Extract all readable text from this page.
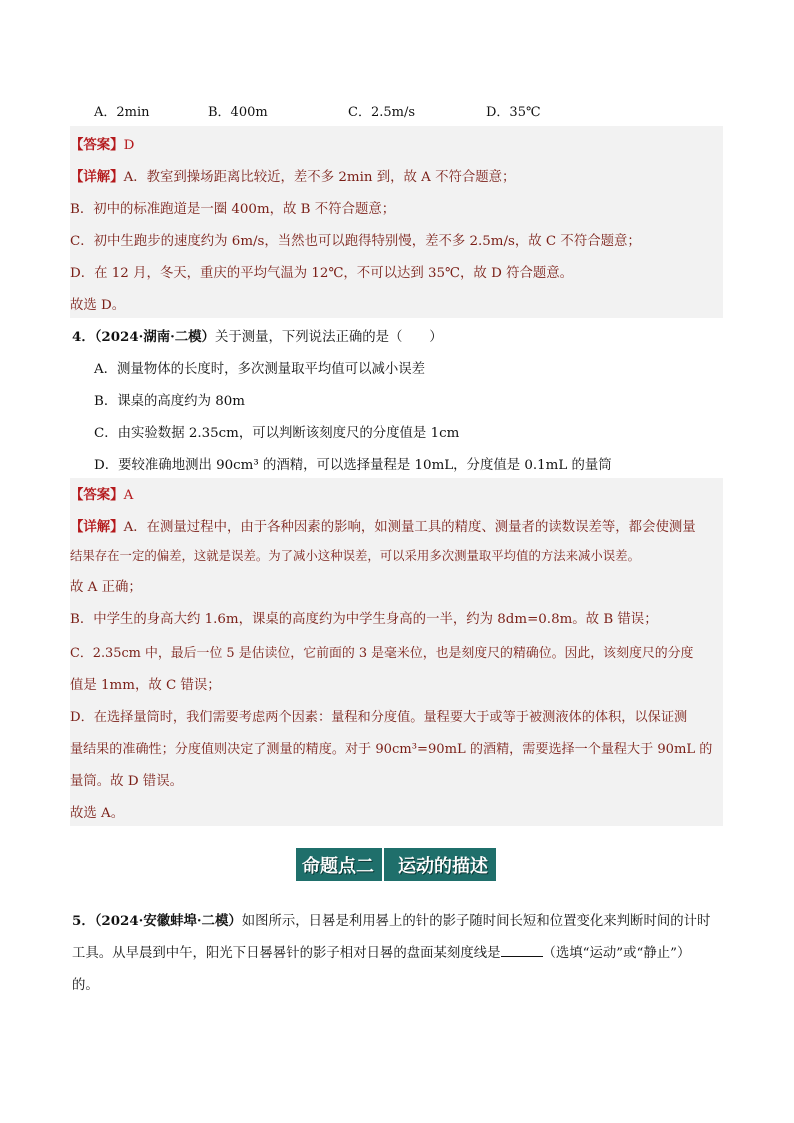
A．2min	B．400m	C．2.5m/s	D．35℃
【答案】D
【详解】A．教室到操场距离比较近，差不多 2min 到，故 A 不符合题意；
B．初中的标准跑道是一圈 400m，故 B 不符合题意；
C．初中生跑步的速度约为 6m/s，当然也可以跑得特别慢，差不多 2.5m/s，故 C 不符合题意；
D．在 12 月，冬天，重庆的平均气温为 12℃，不可以达到 35℃，故 D 符合题意。
故选 D。
4．（2024·湖南·二模）关于测量，下列说法正确的是（　　）
A．测量物体的长度时，多次测量取平均值可以减小误差
B．课桌的高度约为 80m
C．由实验数据 2.35cm，可以判断该刻度尺的分度值是 1cm
D．要较准确地测出 90cm³ 的酒精，可以选择量程是 10mL，分度值是 0.1mL 的量筒
【答案】A
【详解】A．在测量过程中，由于各种因素的影响，如测量工具的精度、测量者的读数误差等，都会使测量
结果存在一定的偏差，这就是误差。为了减小这种误差，可以采用多次测量取平均值的方法来减小误差。
故 A 正确；
B．中学生的身高大约 1.6m，课桌的高度约为中学生身高的一半，约为 8dm=0.8m。故 B 错误；
C．2.35cm 中，最后一位 5 是估读位，它前面的 3 是毫米位，也是刻度尺的精确位。因此，该刻度尺的分度
值是 1mm，故 C 错误；
D．在选择量筒时，我们需要考虑两个因素：量程和分度值。量程要大于或等于被测液体的体积，以保证测
量结果的准确性；分度值则决定了测量的精度。对于 90cm³=90mL 的酒精，需要选择一个量程大于 90mL 的
量筒。故 D 错误。
故选 A。
命题点二	运动的描述
5．（2024·安徽蚌埠·二模）如图所示，日晷是利用晷上的针的影子随时间长短和位置变化来判断时间的计时
工具。从早晨到中午，阳光下日晷晷针的影子相对日晷的盘面某刻度线是	（选填“运动”或“静止”）
的。
